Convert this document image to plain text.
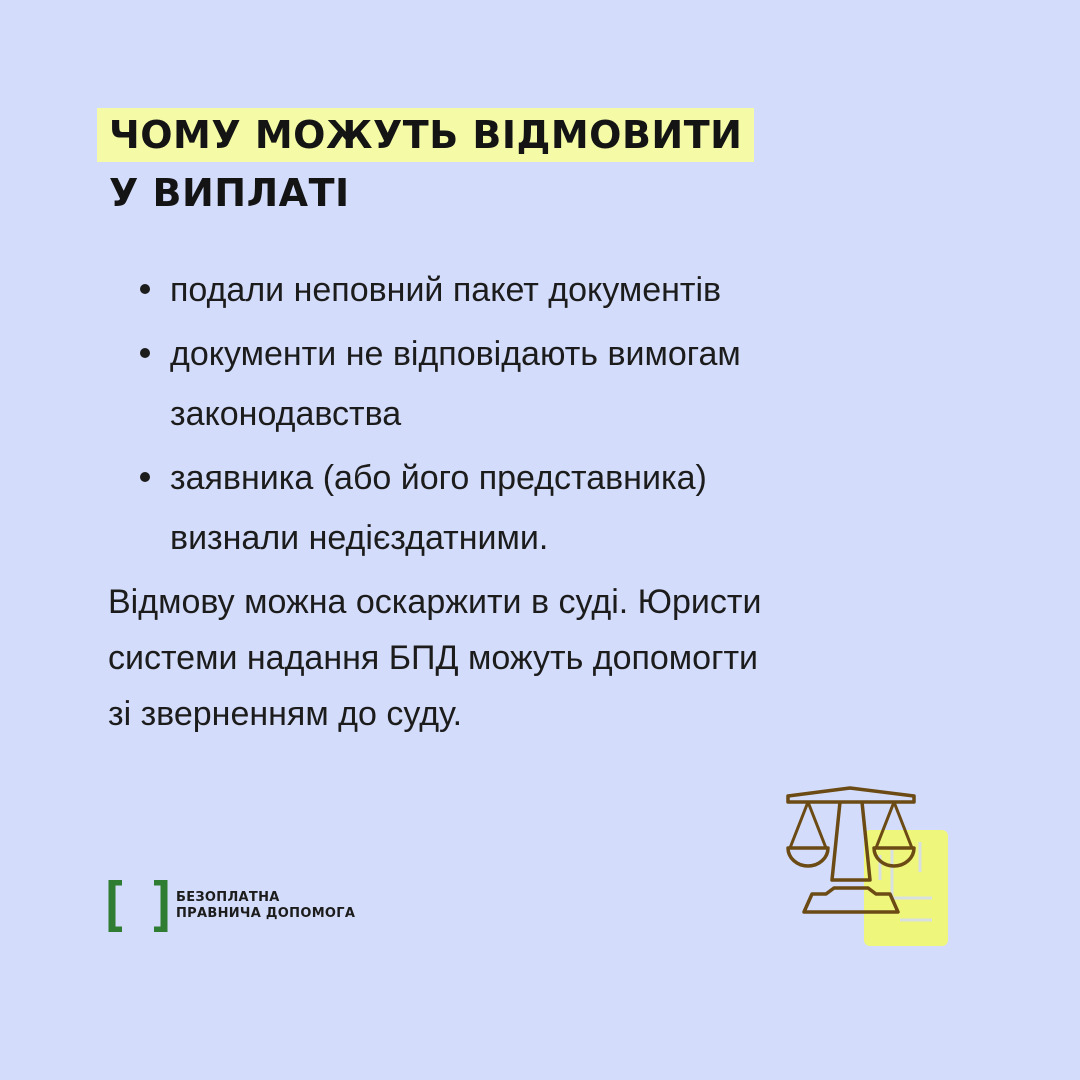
ЧОМУ МОЖУТЬ ВІДМОВИТИ
У ВИПЛАТІ
подали неповний пакет документів
документи не відповідають вимогам
законодавства
заявника (або його представника)
визнали недієздатними.
Відмову можна оскаржити в суді. Юристи
системи надання БПД можуть допомогти
зі зверненням до суду.
БЕЗОПЛАТНА
ПРАВНИЧА ДОПОМОГА
